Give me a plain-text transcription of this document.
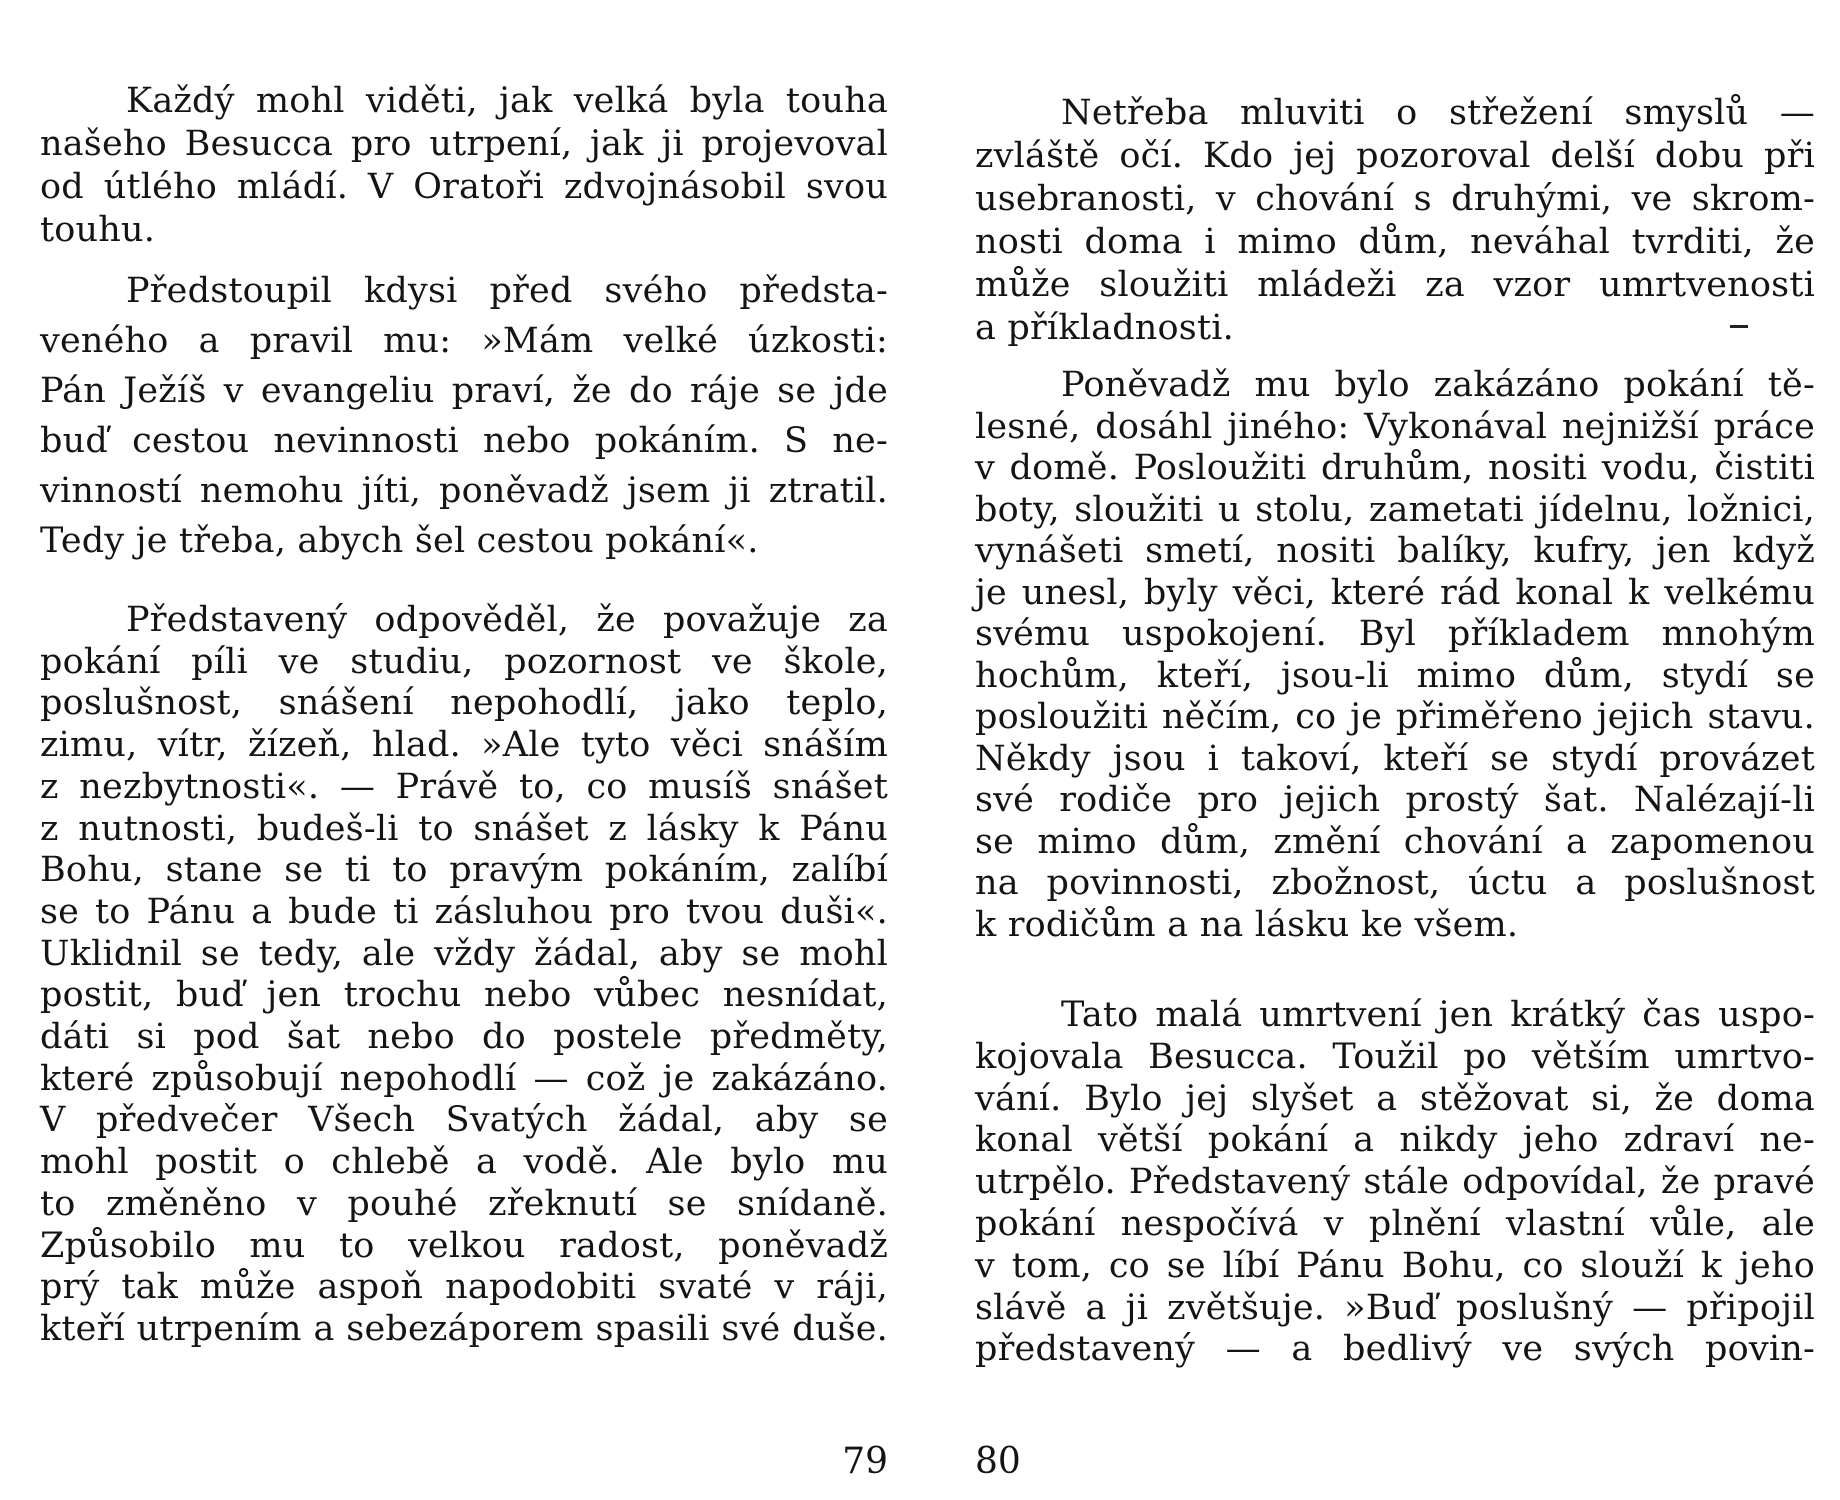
Každý mohl viděti, jak velká byla touha
našeho Besucca pro utrpení, jak ji projevoval
od útlého mládí. V Oratoři zdvojnásobil svou
touhu.
Předstoupil kdysi před svého předsta-
veného a pravil mu: »Mám velké úzkosti:
Pán Ježíš v evangeliu praví, že do ráje se jde
buď cestou nevinnosti nebo pokáním. S ne-
vinností nemohu jíti, poněvadž jsem ji ztratil.
Tedy je třeba, abych šel cestou pokání«.
Představený odpověděl, že považuje za
pokání píli ve studiu, pozornost ve škole,
poslušnost, snášení nepohodlí, jako teplo,
zimu, vítr, žízeň, hlad. »Ale tyto věci snáším
z nezbytnosti«. — Právě to, co musíš snášet
z nutnosti, budeš-li to snášet z lásky k Pánu
Bohu, stane se ti to pravým pokáním, zalíbí
se to Pánu a bude ti zásluhou pro tvou duši«.
Uklidnil se tedy, ale vždy žádal, aby se mohl
postit, buď jen trochu nebo vůbec nesnídat,
dáti si pod šat nebo do postele předměty,
které způsobují nepohodlí — což je zakázáno.
V předvečer Všech Svatých žádal, aby se
mohl postit o chlebě a vodě. Ale bylo mu
to změněno v pouhé zřeknutí se snídaně.
Způsobilo mu to velkou radost, poněvadž
prý tak může aspoň napodobiti svaté v ráji,
kteří utrpením a sebezáporem spasili své duše.
79
Netřeba mluviti o střežení smyslů —
zvláště očí. Kdo jej pozoroval delší dobu při
usebranosti, v chování s druhými, ve skrom-
nosti doma i mimo dům, neváhal tvrditi, že
může sloužiti mládeži za vzor umrtvenosti
a příkladnosti.
Poněvadž mu bylo zakázáno pokání tě-
lesné, dosáhl jiného: Vykonával nejnižší práce
v domě. Posloužiti druhům, nositi vodu, čistiti
boty, sloužiti u stolu, zametati jídelnu, ložnici,
vynášeti smetí, nositi balíky, kufry, jen když
je unesl, byly věci, které rád konal k velkému
svému uspokojení. Byl příkladem mnohým
hochům, kteří, jsou-li mimo dům, stydí se
posloužiti něčím, co je přiměřeno jejich stavu.
Někdy jsou i takoví, kteří se stydí provázet
své rodiče pro jejich prostý šat. Nalézají-li
se mimo dům, změní chování a zapomenou
na povinnosti, zbožnost, úctu a poslušnost
k rodičům a na lásku ke všem.
Tato malá umrtvení jen krátký čas uspo-
kojovala Besucca. Toužil po větším umrtvo-
vání. Bylo jej slyšet a stěžovat si, že doma
konal větší pokání a nikdy jeho zdraví ne-
utrpělo. Představený stále odpovídal, že pravé
pokání nespočívá v plnění vlastní vůle, ale
v tom, co se líbí Pánu Bohu, co slouží k jeho
slávě a ji zvětšuje. »Buď poslušný — připojil
představený — a bedlivý ve svých povin-
80
